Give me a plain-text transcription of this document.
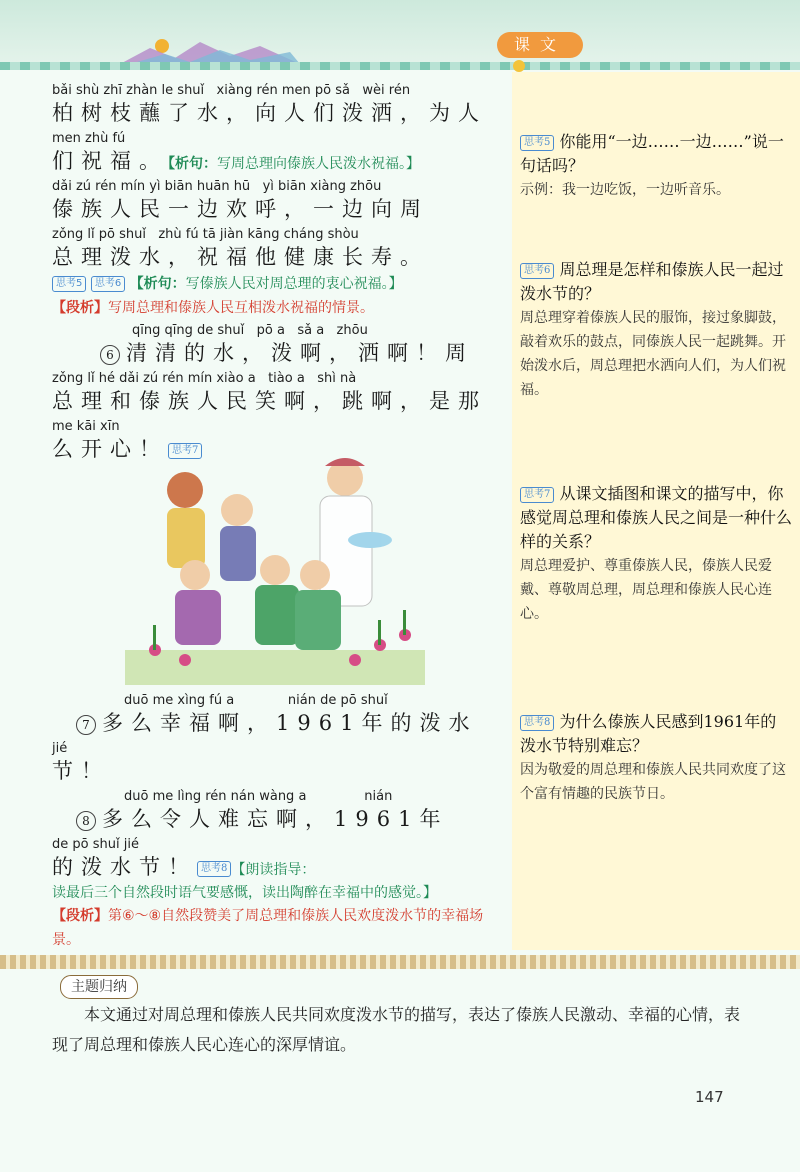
课文
bǎi shù zhī zhàn le shuǐ   xiàng rén men pō sǎ   wèi rén
柏树枝蘸了水，向人们泼洒，为人
men zhù fú
们祝福。【析句：写周总理向傣族人民泼水祝福。】
dǎi zú rén mín yì biān huān hū   yì biān xiàng zhōu
傣族人民一边欢呼，一边向周
zǒng lǐ pō shuǐ   zhù fú tā jiàn kāng cháng shòu
总理泼水，祝福他健康长寿。
思考5 思考6 【析句：写傣族人民对周总理的衷心祝福。】
【段析】写周总理和傣族人民互相泼水祝福的情景。
qīng qīng de shuǐ   pō a   sǎ a   zhōu
6 清清的水，泼啊，洒啊！周
zǒng lǐ hé dǎi zú rén mín xiào a   tiào a   shì nà
总理和傣族人民笑啊，跳啊，是那
me kāi xīn
么开心！ 思考7
duō me xìng fú a             nián de pō shuǐ
7 多么幸福啊，1961年的泼水
jié
节！
duō me lìng rén nán wàng a              nián
8 多么令人难忘啊，1961年
de pō shuǐ jié
的泼水节！ 思考8 【朗读指导：
读最后三个自然段时语气要感慨，读出陶醉在幸福中的感觉。】
【段析】第⑥～⑧自然段赞美了周总理和傣族人民欢度泼水节的幸福场景。
思考5 你能用“一边……一边……”说一句话吗？
示例：我一边吃饭，一边听音乐。
思考6 周总理是怎样和傣族人民一起过泼水节的？
周总理穿着傣族人民的服饰，接过象脚鼓，敲着欢乐的鼓点，同傣族人民一起跳舞。开始泼水后，周总理把水洒向人们，为人们祝福。
思考7 从课文插图和课文的描写中，你感觉周总理和傣族人民之间是一种什么样的关系？
周总理爱护、尊重傣族人民，傣族人民爱戴、尊敬周总理，周总理和傣族人民心连心。
思考8 为什么傣族人民感到1961年的泼水节特别难忘？
因为敬爱的周总理和傣族人民共同欢度了这个富有情趣的民族节日。
主题归纳
本文通过对周总理和傣族人民共同欢度泼水节的描写，表达了傣族人民激动、幸福的心情，表现了周总理和傣族人民心连心的深厚情谊。
147
